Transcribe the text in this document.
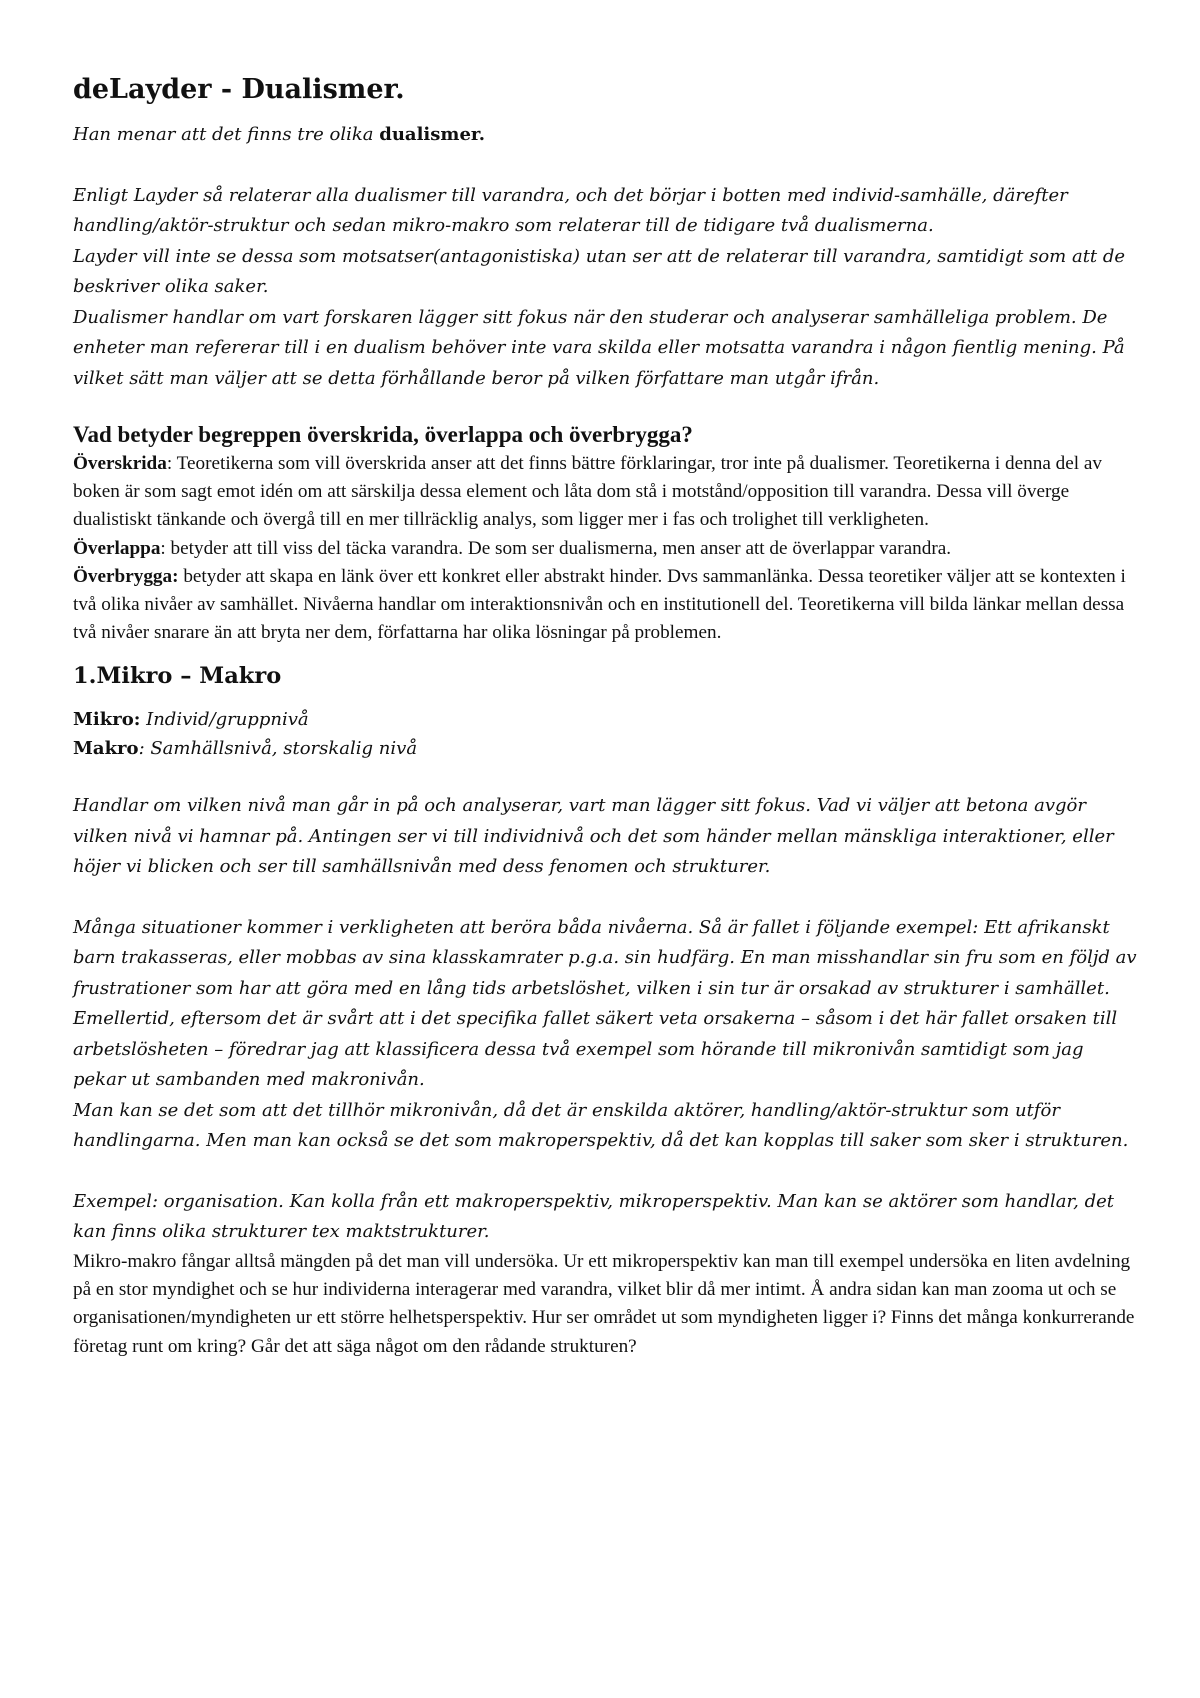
deLayder - Dualismer.

Han menar att det finns tre olika dualismer.

Enligt Layder så relaterar alla dualismer till varandra, och det börjar i botten med individ-samhälle, därefter handling/aktör-struktur och sedan mikro-makro som relaterar till de tidigare två dualismerna.

Layder vill inte se dessa som motsatser(antagonistiska) utan ser att de relaterar till varandra, samtidigt som att de beskriver olika saker.

Dualismer handlar om vart forskaren lägger sitt fokus när den studerar och analyserar samhälleliga problem. De enheter man refererar till i en dualism behöver inte vara skilda eller motsatta varandra i någon fientlig mening. På vilket sätt man väljer att se detta förhållande beror på vilken författare man utgår ifrån.

Vad betyder begreppen överskrida, överlappa och överbrygga?

Överskrida: Teoretikerna som vill överskrida anser att det finns bättre förklaringar, tror inte på dualismer. Teoretikerna i denna del av boken är som sagt emot idén om att särskilja dessa element och låta dom stå i motstånd/opposition till varandra. Dessa vill överge dualistiskt tänkande och övergå till en mer tillräcklig analys, som ligger mer i fas och trolighet till verkligheten.

Överlappa: betyder att till viss del täcka varandra. De som ser dualismerna, men anser att de överlappar varandra.

Överbrygga: betyder att skapa en länk över ett konkret eller abstrakt hinder. Dvs sammanlänka. Dessa teoretiker väljer att se kontexten i två olika nivåer av samhället. Nivåerna handlar om interaktionsnivån och en institutionell del. Teoretikerna vill bilda länkar mellan dessa två nivåer snarare än att bryta ner dem, författarna har olika lösningar på problemen.

1.Mikro – Makro

Mikro: Individ/gruppnivå

Makro: Samhällsnivå, storskalig nivå

Handlar om vilken nivå man går in på och analyserar, vart man lägger sitt fokus. Vad vi väljer att betona avgör vilken nivå vi hamnar på. Antingen ser vi till individnivå och det som händer mellan mänskliga interaktioner, eller höjer vi blicken och ser till samhällsnivån med dess fenomen och strukturer.

Många situationer kommer i verkligheten att beröra båda nivåerna. Så är fallet i följande exempel: Ett afrikanskt barn trakasseras, eller mobbas av sina klasskamrater p.g.a. sin hudfärg. En man misshandlar sin fru som en följd av frustrationer som har att göra med en lång tids arbetslöshet, vilken i sin tur är orsakad av strukturer i samhället. Emellertid, eftersom det är svårt att i det specifika fallet säkert veta orsakerna – såsom i det här fallet orsaken till arbetslösheten – föredrar jag att klassificera dessa två exempel som hörande till mikronivån samtidigt som jag pekar ut sambanden med makronivån.

Man kan se det som att det tillhör mikronivån, då det är enskilda aktörer, handling/aktör-struktur som utför handlingarna. Men man kan också se det som makroperspektiv, då det kan kopplas till saker som sker i strukturen.

Exempel: organisation. Kan kolla från ett makroperspektiv, mikroperspektiv. Man kan se aktörer som handlar, det kan finns olika strukturer tex maktstrukturer.

Mikro-makro fångar alltså mängden på det man vill undersöka. Ur ett mikroperspektiv kan man till exempel undersöka en liten avdelning på en stor myndighet och se hur individerna interagerar med varandra, vilket blir då mer intimt. Å andra sidan kan man zooma ut och se organisationen/myndigheten ur ett större helhetsperspektiv. Hur ser området ut som myndigheten ligger i? Finns det många konkurrerande företag runt om kring? Går det att säga något om den rådande strukturen?
